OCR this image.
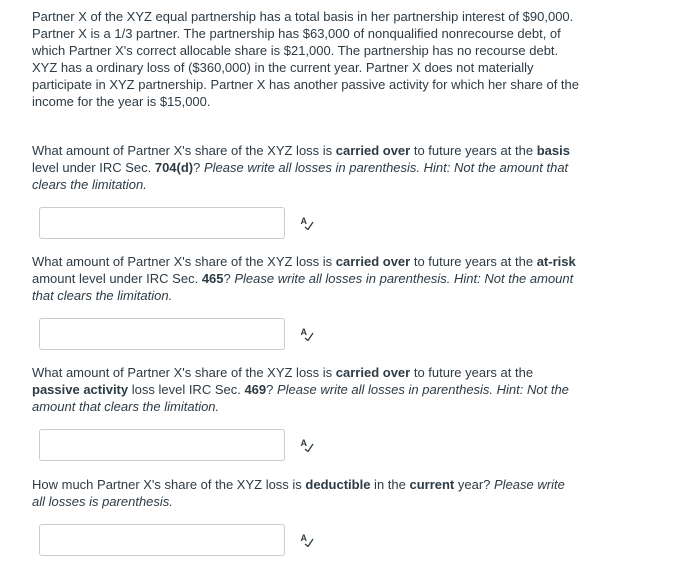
Partner X of the XYZ equal partnership has a total basis in her partnership interest of $90,000. Partner X is a 1/3 partner. The partnership has $63,000 of nonqualified nonrecourse debt, of which Partner X's correct allocable share is $21,000. The partnership has no recourse debt. XYZ has a ordinary loss of ($360,000) in the current year. Partner X does not materially participate in XYZ partnership. Partner X has another passive activity for which her share of the income for the year is $15,000.

What amount of Partner X's share of the XYZ loss is carried over to future years at the basis level under IRC Sec. 704(d)? Please write all losses in parenthesis. Hint: Not the amount that clears the limitation.

A

What amount of Partner X's share of the XYZ loss is carried over to future years at the at-risk amount level under IRC Sec. 465? Please write all losses in parenthesis. Hint: Not the amount that clears the limitation.

A

What amount of Partner X's share of the XYZ loss is carried over to future years at the passive activity loss level IRC Sec. 469? Please write all losses in parenthesis. Hint: Not the amount that clears the limitation.

A

How much Partner X's share of the XYZ loss is deductible in the current year? Please write all losses is parenthesis.

A
